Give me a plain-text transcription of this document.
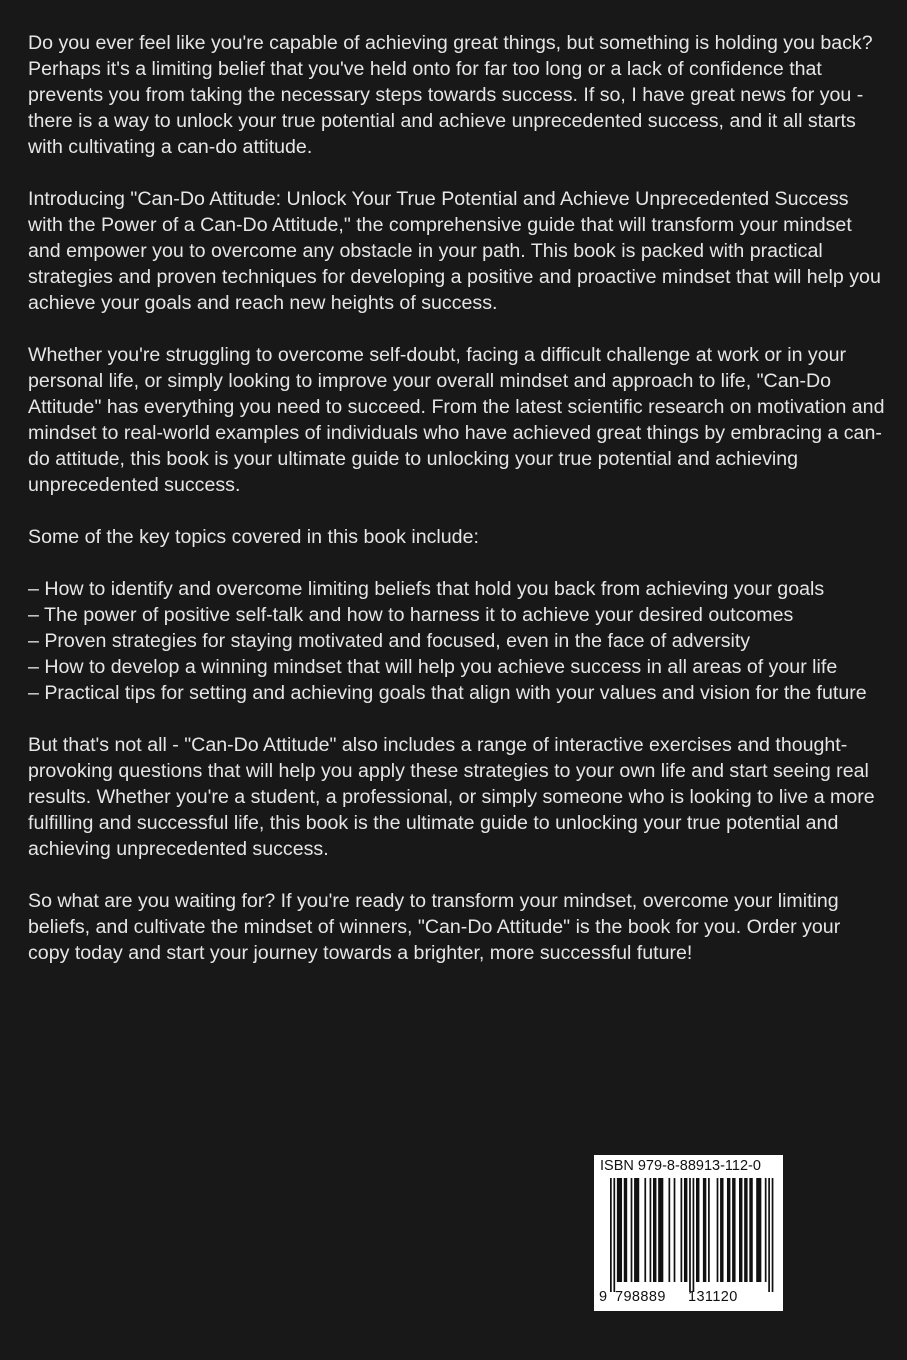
Do you ever feel like you're capable of achieving great things, but something is holding you back? Perhaps it's a limiting belief that you've held onto for far too long or a lack of confidence that prevents you from taking the necessary steps towards success. If so, I have great news for you - there is a way to unlock your true potential and achieve unprecedented success, and it all starts with cultivating a can-do attitude.

Introducing "Can-Do Attitude: Unlock Your True Potential and Achieve Unprecedented Success with the Power of a Can-Do Attitude," the comprehensive guide that will transform your mindset and empower you to overcome any obstacle in your path. This book is packed with practical strategies and proven techniques for developing a positive and proactive mindset that will help you achieve your goals and reach new heights of success.

Whether you're struggling to overcome self-doubt, facing a difficult challenge at work or in your personal life, or simply looking to improve your overall mindset and approach to life, "Can-Do Attitude" has everything you need to succeed. From the latest scientific research on motivation and mindset to real-world examples of individuals who have achieved great things by embracing a can-do attitude, this book is your ultimate guide to unlocking your true potential and achieving unprecedented success.

Some of the key topics covered in this book include:

– How to identify and overcome limiting beliefs that hold you back from achieving your goals

– The power of positive self-talk and how to harness it to achieve your desired outcomes

– Proven strategies for staying motivated and focused, even in the face of adversity

– How to develop a winning mindset that will help you achieve success in all areas of your life

– Practical tips for setting and achieving goals that align with your values and vision for the future

But that's not all - "Can-Do Attitude" also includes a range of interactive exercises and thought-provoking questions that will help you apply these strategies to your own life and start seeing real results. Whether you're a student, a professional, or simply someone who is looking to live a more fulfilling and successful life, this book is the ultimate guide to unlocking your true potential and achieving unprecedented success.

So what are you waiting for? If you're ready to transform your mindset, overcome your limiting beliefs, and cultivate the mindset of winners, "Can-Do Attitude" is the book for you. Order your copy today and start your journey towards a brighter, more successful future!

ISBN 979-8-88913-112-0
9 798889 131120
